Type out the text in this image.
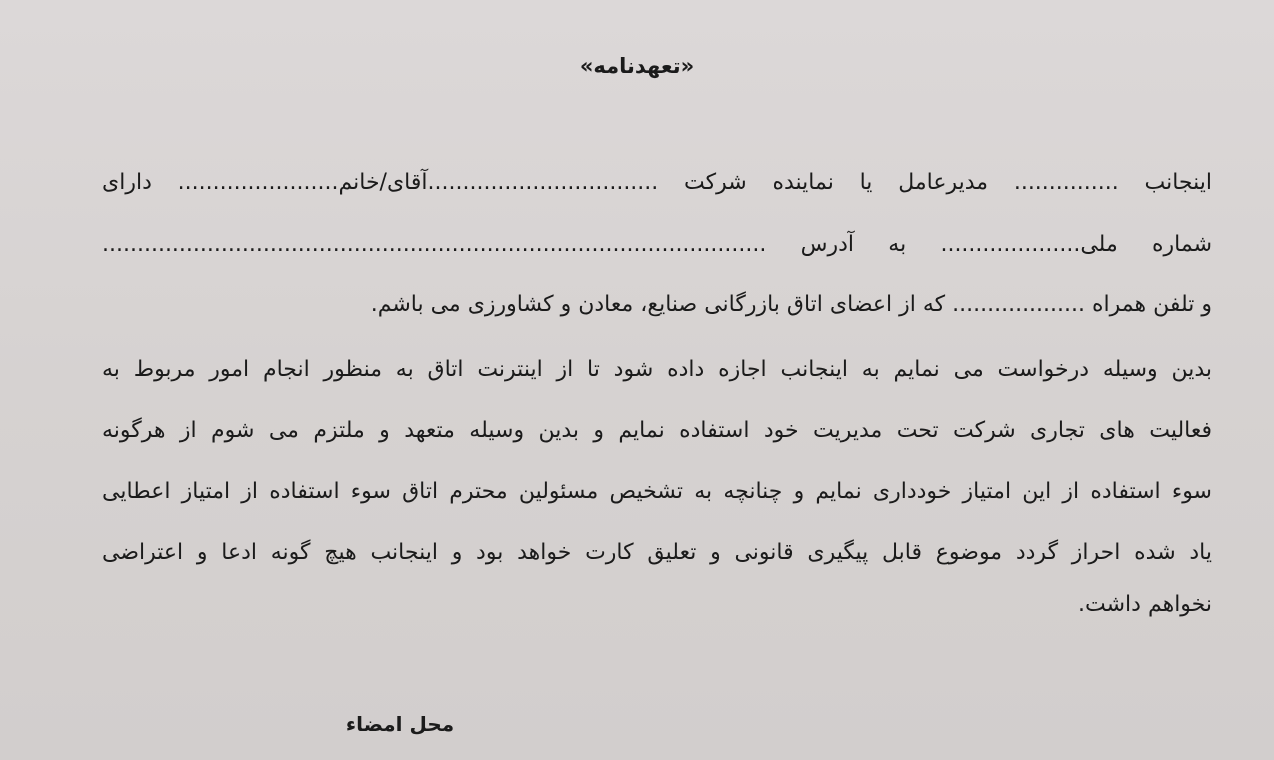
«تعهدنامه»
اینجانب ............... مدیرعامل یا نماینده شرکت .................................آقای/خانم....................... دارای
شماره ملی.................... به آدرس ...............................................................................................
و تلفن همراه ................... که از اعضای اتاق بازرگانی صنایع، معادن و کشاورزی می باشم.
بدین وسیله درخواست می نمایم به اینجانب اجازه داده شود تا از اینترنت اتاق به منظور انجام امور مربوط به
فعالیت های تجاری شرکت تحت مدیریت خود استفاده نمایم و بدین وسیله متعهد و ملتزم می شوم از هرگونه
سوء استفاده از این امتیاز خودداری نمایم و چنانچه به تشخیص مسئولین محترم اتاق سوء استفاده از امتیاز اعطایی
یاد شده احراز گردد موضوع قابل پیگیری قانونی و تعلیق کارت خواهد بود و اینجانب هیچ گونه ادعا و اعتراضی
نخواهم داشت.
محل امضاء
